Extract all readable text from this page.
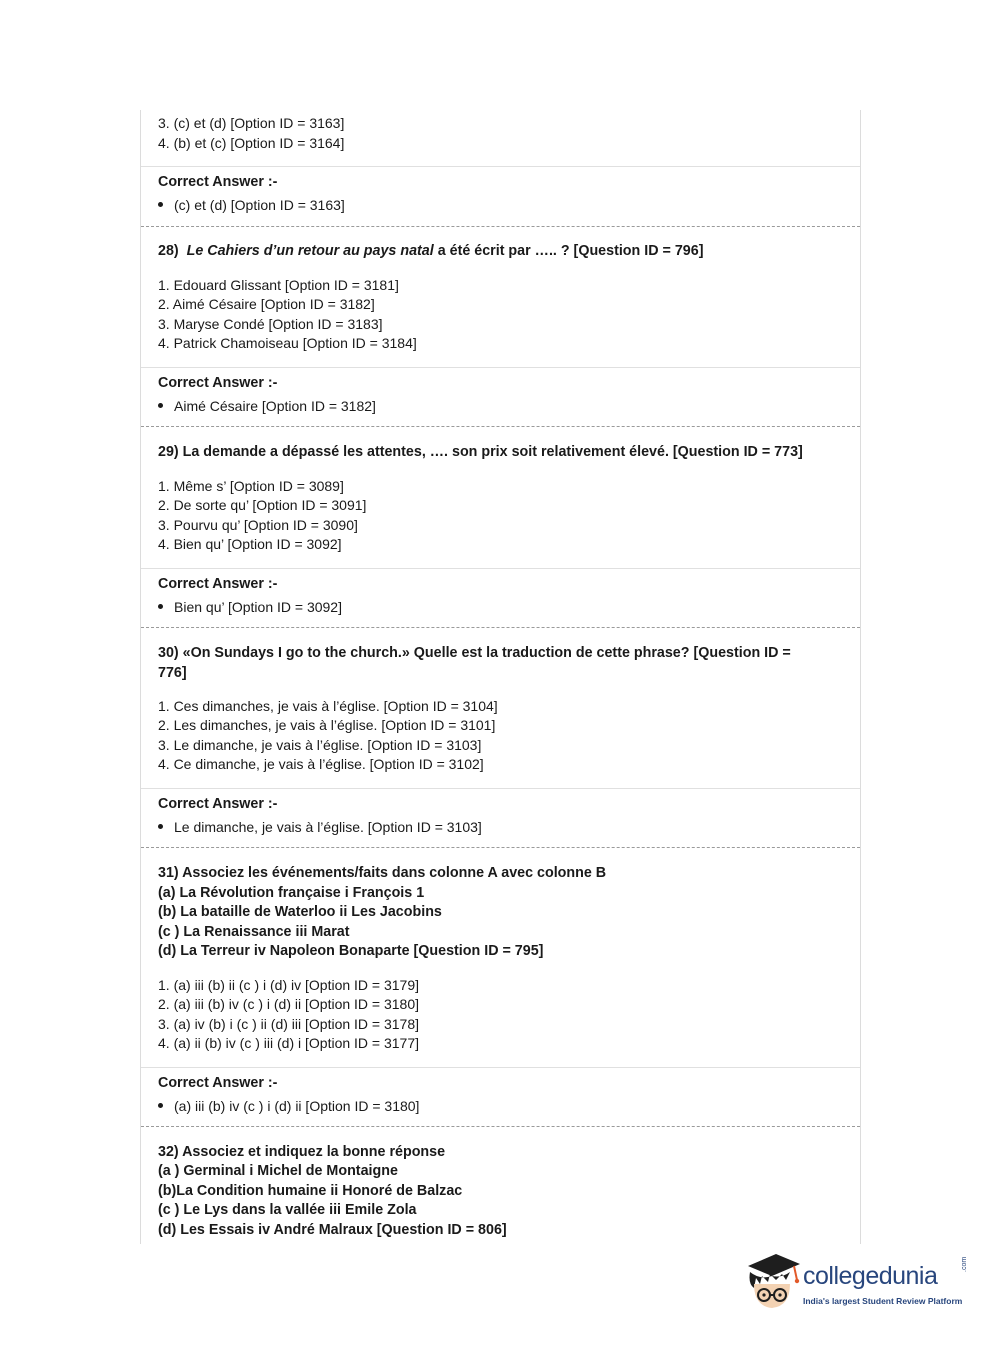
3. (c) et (d) [Option ID = 3163]
4. (b) et (c) [Option ID = 3164]
Correct Answer :-
(c) et (d) [Option ID = 3163]
28) Le Cahiers d’un retour au pays natal a été écrit par ….. ? [Question ID = 796]
1. Edouard Glissant [Option ID = 3181]
2. Aimé Césaire [Option ID = 3182]
3. Maryse Condé [Option ID = 3183]
4. Patrick Chamoiseau [Option ID = 3184]
Correct Answer :-
Aimé Césaire [Option ID = 3182]
29) La demande a dépassé les attentes, …. son prix soit relativement élevé. [Question ID = 773]
1. Même s’ [Option ID = 3089]
2. De sorte qu’ [Option ID = 3091]
3. Pourvu qu’ [Option ID = 3090]
4. Bien qu’ [Option ID = 3092]
Correct Answer :-
Bien qu’ [Option ID = 3092]
30) «On Sundays I go to the church.» Quelle est la traduction de cette phrase? [Question ID =
776]
1. Ces dimanches, je vais à l’église. [Option ID = 3104]
2. Les dimanches, je vais à l’église. [Option ID = 3101]
3. Le dimanche, je vais à l’église. [Option ID = 3103]
4. Ce dimanche, je vais à l’église. [Option ID = 3102]
Correct Answer :-
Le dimanche, je vais à l’église. [Option ID = 3103]
31) Associez les événements/faits dans colonne A avec colonne B
(a) La Révolution française i François 1
(b) La bataille de Waterloo ii Les Jacobins
(c ) La Renaissance iii Marat
(d) La Terreur iv Napoleon Bonaparte [Question ID = 795]
1. (a) iii (b) ii (c ) i (d) iv [Option ID = 3179]
2. (a) iii (b) iv (c ) i (d) ii [Option ID = 3180]
3. (a) iv (b) i (c ) ii (d) iii [Option ID = 3178]
4. (a) ii (b) iv (c ) iii (d) i [Option ID = 3177]
Correct Answer :-
(a) iii (b) iv (c ) i (d) ii [Option ID = 3180]
32) Associez et indiquez la bonne réponse
(a ) Germinal i Michel de Montaigne
(b)La Condition humaine ii Honoré de Balzac
(c ) Le Lys dans la vallée iii Emile Zola
(d) Les Essais iv André Malraux [Question ID = 806]
collegedunia	.com
India's largest Student Review Platform
